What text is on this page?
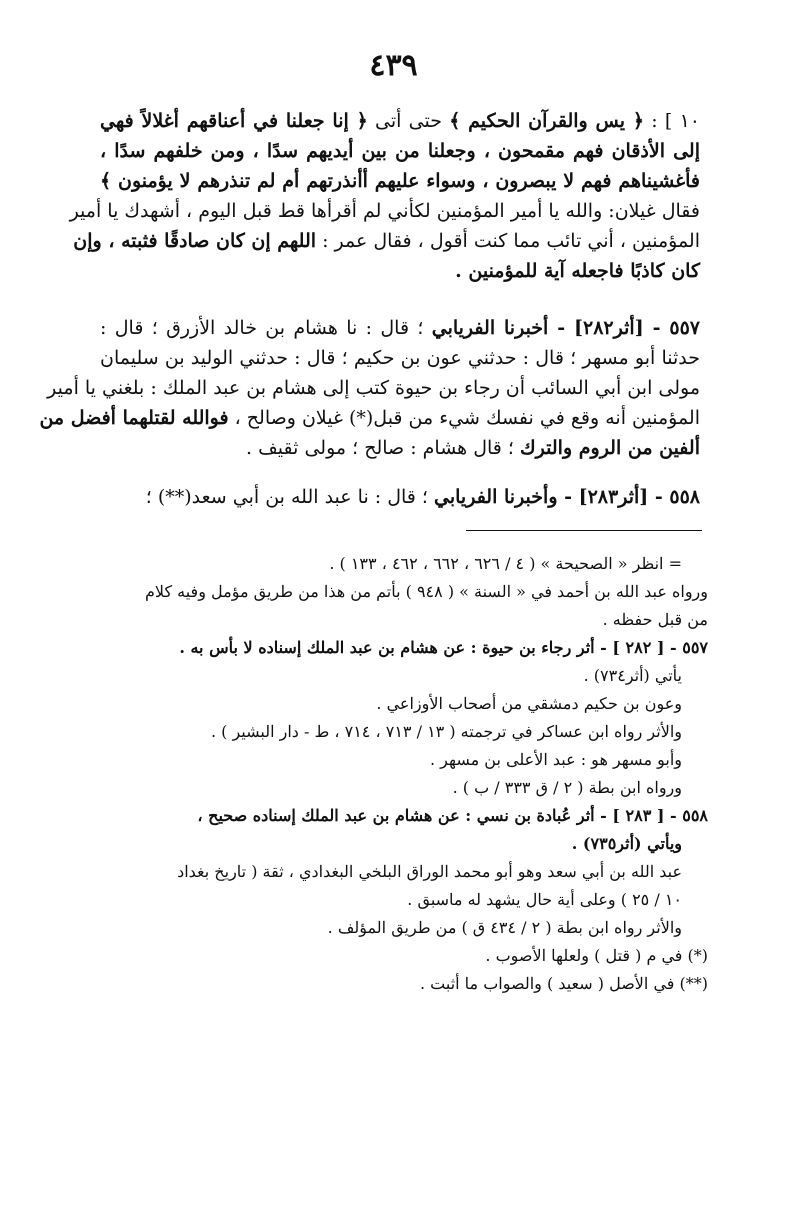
٤٣٩
١٠ ] : ﴿ يس والقرآن الحكيم ﴾ حتى أتى ﴿ إنا جعلنا في أعناقهم أغلالاً فهي
إلى الأذقان فهم مقمحون ، وجعلنا من بين أيديهم سدًا ، ومن خلفهم سدًا ،
فأغشيناهم فهم لا يبصرون ، وسواء عليهم أأنذرتهم أم لم تنذرهم لا يؤمنون ﴾
فقال غيلان: والله يا أمير المؤمنين لكأني لم أقرأها قط قبل اليوم ، أشهدك يا أمير
المؤمنين ، أني تائب مما كنت أقول ، فقال عمر : اللهم إن كان صادقًا فثبته ، وإن
كان كاذبًا فاجعله آية للمؤمنين .
٥٥٧ - [أثر٢٨٢] - أخبرنا الفريابي ؛ قال : نا هشام بن خالد الأزرق ؛ قال :
حدثنا أبو مسهر ؛ قال : حدثني عون بن حكيم ؛ قال : حدثني الوليد بن سليمان
مولى ابن أبي السائب أن رجاء بن حيوة كتب إلى هشام بن عبد الملك : بلغني يا أمير
المؤمنين أنه وقع في نفسك شيء من قبل(*) غيلان وصالح ، فوالله لقتلهما أفضل من
ألفين من الروم والترك ؛ قال هشام : صالح ؛ مولى ثقيف .
٥٥٨ - [أثر٢٨٣] - وأخبرنا الفريابي ؛ قال : نا عبد الله بن أبي سعد(**) ؛
= انظر « الصحيحة » ( ٤ / ٦٢٦ ، ٦٦٢ ، ٤٦٢ ، ١٣٣ ) .
ورواه عبد الله بن أحمد في « السنة » ( ٩٤٨ ) بأتم من هذا من طريق مؤمل وفيه كلام
من قبل حفظه .
٥٥٧ - [ ٢٨٢ ] - أثر رجاء بن حيوة : عن هشام بن عبد الملك إسناده لا بأس به .
يأتي (أثر٧٣٤) .
وعون بن حكيم دمشقي من أصحاب الأوزاعي .
والأثر رواه ابن عساكر في ترجمته ( ١٣ / ٧١٣ ، ٧١٤ ، ط - دار البشير ) .
وأبو مسهر هو : عبد الأعلى بن مسهر .
ورواه ابن بطة ( ٢ / ق ٣٣٣ / ب ) .
٥٥٨ - [ ٢٨٣ ] - أثر عُبادة بن نسي : عن هشام بن عبد الملك إسناده صحيح ،
ويأتي (أثر٧٣٥) .
عبد الله بن أبي سعد وهو أبو محمد الوراق البلخي البغدادي ، ثقة ( تاريخ بغداد
١٠ / ٢٥ ) وعلى أية حال يشهد له ماسبق .
والأثر رواه ابن بطة ( ٢ / ٤٣٤ ق ) من طريق المؤلف .
(*) في م ( قتل ) ولعلها الأصوب .
(**) في الأصل ( سعيد ) والصواب ما أثبت .
